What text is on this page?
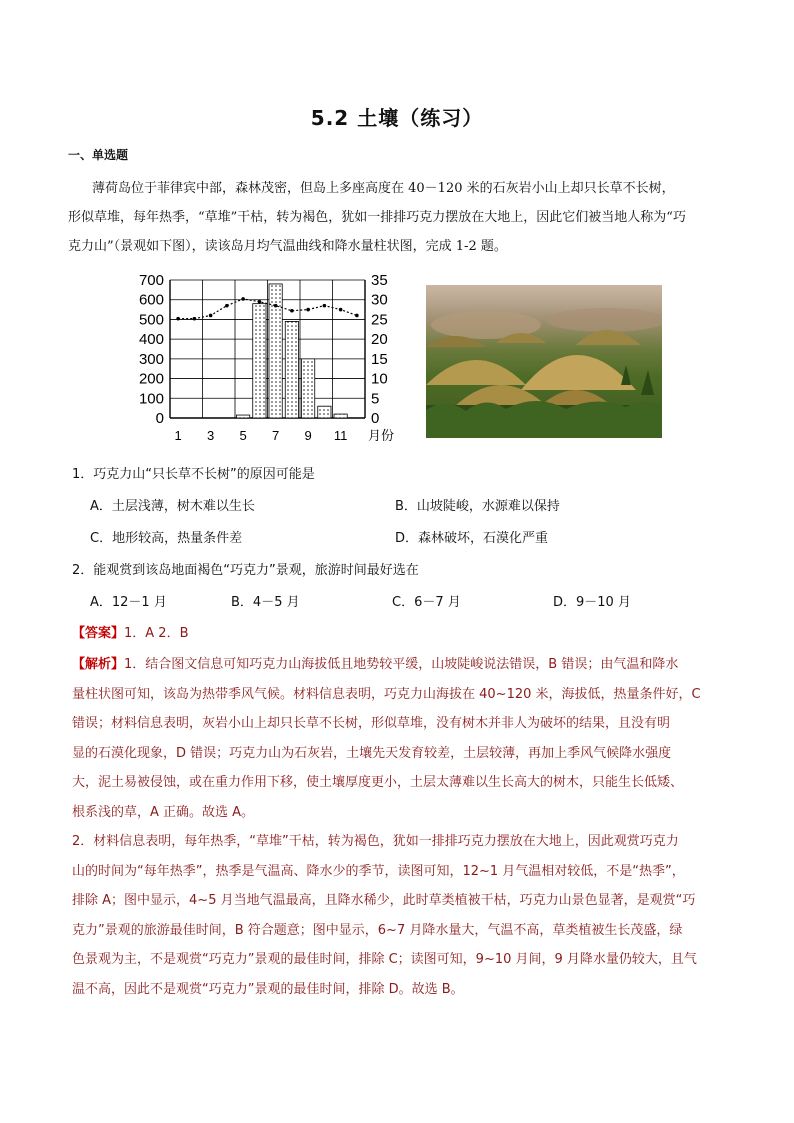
5.2 土壤（练习）
一、单选题
薄荷岛位于菲律宾中部，森林茂密，但岛上多座高度在 40－120 米的石灰岩小山上却只长草不长树，
形似草堆，每年热季，“草堆”干枯，转为褐色，犹如一排排巧克力摆放在大地上，因此它们被当地人称为“巧
克力山”（景观如下图），读该岛月均气温曲线和降水量柱状图，完成 1-2 题。
700
600
500
400
300
200
100
0
35
30
25
20
15
10
5
0
1 3 5 7 9 11 月份
1．巧克力山“只长草不长树”的原因可能是
A．土层浅薄，树木难以生长	B．山坡陡峻，水源难以保持
C．地形较高，热量条件差	D．森林破坏，石漠化严重
2．能观赏到该岛地面褐色“巧克力”景观，旅游时间最好选在
A．12－1 月	B．4－5 月	C．6－7 月	D．9－10 月
【答案】1．A 2．B
【解析】1．结合图文信息可知巧克力山海拔低且地势较平缓，山坡陡峻说法错误，B 错误；由气温和降水
量柱状图可知，该岛为热带季风气候。材料信息表明，巧克力山海拔在 40~120 米，海拔低，热量条件好，C
错误；材料信息表明，灰岩小山上却只长草不长树，形似草堆，没有树木并非人为破坏的结果，且没有明
显的石漠化现象，D 错误；巧克力山为石灰岩，土壤先天发育较差，土层较薄，再加上季风气候降水强度
大，泥土易被侵蚀，或在重力作用下移，使土壤厚度更小，土层太薄难以生长高大的树木，只能生长低矮、
根系浅的草，A 正确。故选 A。
2．材料信息表明，每年热季，“草堆”干枯，转为褐色，犹如一排排巧克力摆放在大地上，因此观赏巧克力
山的时间为“每年热季”，热季是气温高、降水少的季节，读图可知，12~1 月气温相对较低，不是“热季”，
排除 A；图中显示，4~5 月当地气温最高，且降水稀少，此时草类植被干枯，巧克力山景色显著，是观赏“巧
克力”景观的旅游最佳时间，B 符合题意；图中显示，6~7 月降水量大，气温不高，草类植被生长茂盛，绿
色景观为主，不是观赏“巧克力”景观的最佳时间，排除 C；读图可知，9~10 月间，9 月降水量仍较大，且气
温不高，因此不是观赏“巧克力”景观的最佳时间，排除 D。故选 B。
